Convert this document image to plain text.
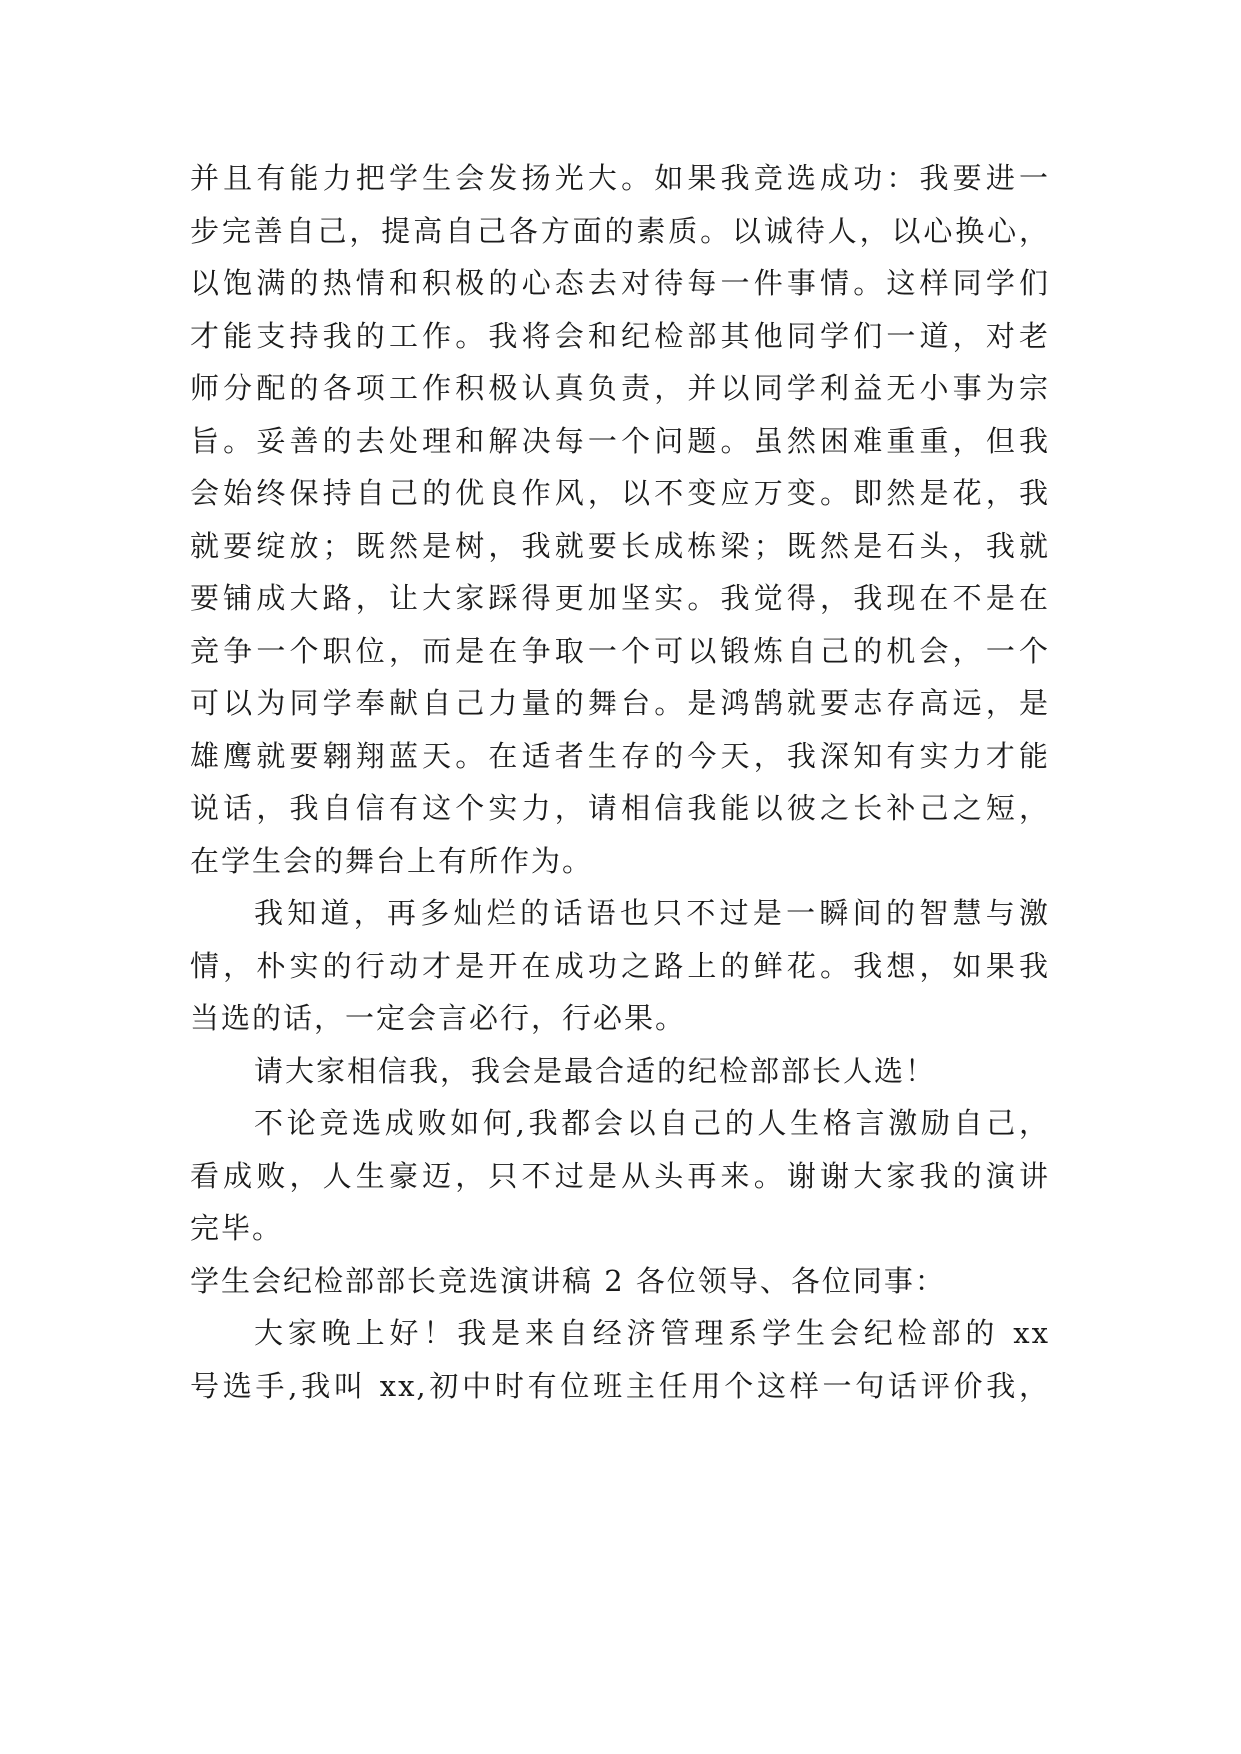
并且有能力把学生会发扬光大。如果我竞选成功：我要进一
步完善自己，提高自己各方面的素质。以诚待人，以心换心，
以饱满的热情和积极的心态去对待每一件事情。这样同学们
才能支持我的工作。我将会和纪检部其他同学们一道，对老
师分配的各项工作积极认真负责，并以同学利益无小事为宗
旨。妥善的去处理和解决每一个问题。虽然困难重重，但我
会始终保持自己的优良作风，以不变应万变。即然是花，我
就要绽放；既然是树，我就要长成栋梁；既然是石头，我就
要铺成大路，让大家踩得更加坚实。我觉得，我现在不是在
竞争一个职位，而是在争取一个可以锻炼自己的机会，一个
可以为同学奉献自己力量的舞台。是鸿鹄就要志存高远，是
雄鹰就要翱翔蓝天。在适者生存的今天，我深知有实力才能
说话，我自信有这个实力，请相信我能以彼之长补己之短，
在学生会的舞台上有所作为。
我知道，再多灿烂的话语也只不过是一瞬间的智慧与激
情，朴实的行动才是开在成功之路上的鲜花。我想，如果我
当选的话，一定会言必行，行必果。
请大家相信我，我会是最合适的纪检部部长人选！
不论竞选成败如何,我都会以自己的人生格言激励自己，
看成败，人生豪迈，只不过是从头再来。谢谢大家我的演讲
完毕。
学生会纪检部部长竞选演讲稿 2 各位领导、各位同事：
大家晚上好！我是来自经济管理系学生会纪检部的 xx
号选手,我叫 xx,初中时有位班主任用个这样一句话评价我，
